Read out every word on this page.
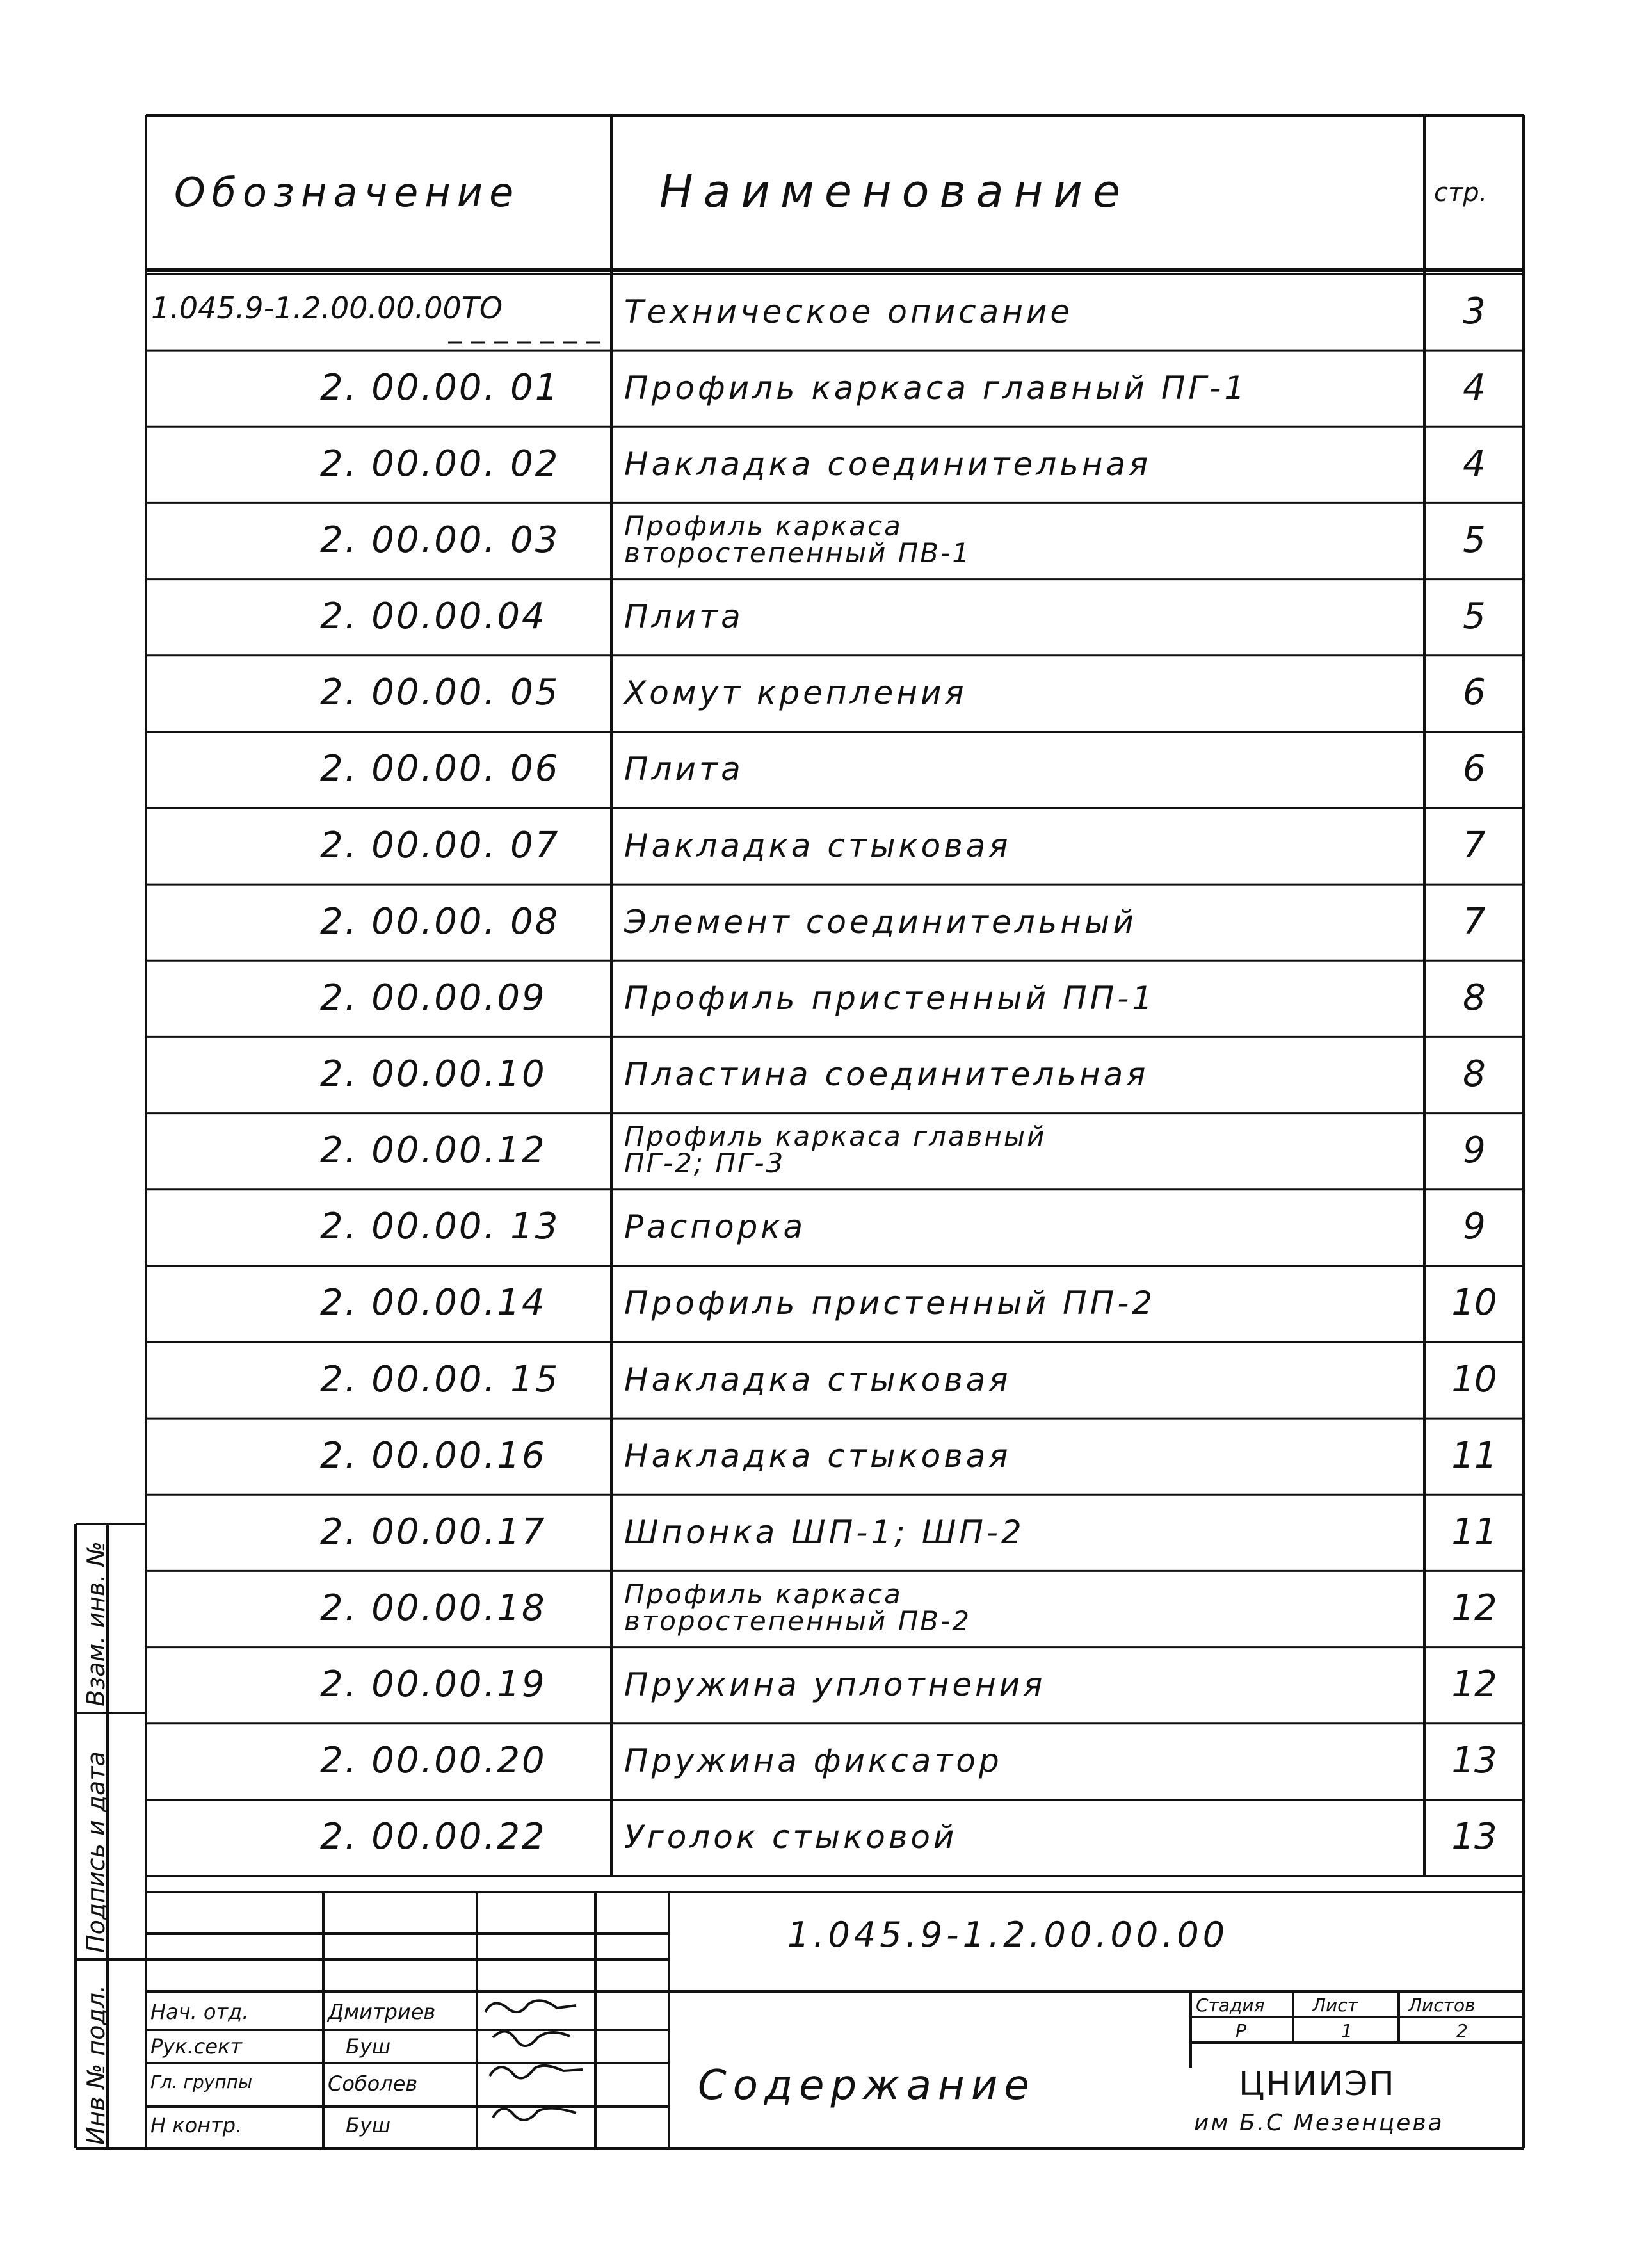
Обозначение	Наименование	стр.
1.045.9-1.2.00.00.00ТО	Техническое описание	3
2. 00.00. 01 Профиль каркаса главный ПГ-1	4
2. 00.00. 02 Накладка соединительная	4
2. 00.00. 03 Профиль каркаса второстепенный ПВ-1	5
2. 00.00.04 Плита	5
2. 00.00. 05 Хомут крепления	6
2. 00.00. 06 Плита	6
2. 00.00. 07 Накладка стыковая	7
2. 00.00. 08 Элемент соединительный	7
2. 00.00.09 Профиль пристенный ПП-1	8
2. 00.00.10 Пластина соединительная	8
2. 00.00.12	Профиль каркаса главный ПГ-2; ПГ-3	9
2. 00.00. 13 Распорка	9
2. 00.00.14 Профиль пристенный ПП-2	10
2. 00.00. 15 Накладка стыковая	10
2. 00.00.16 Накладка стыковая	11
2. 00.00.17 Шпонка ШП-1; ШП-2	11
2. 00.00.18	Профиль каркаса второстепенный ПВ-2	12
2. 00.00.19 Пружина уплотнения	12
2. 00.00.20 Пружина фиксатор	13
2. 00.00.22 Уголок стыковой	13
Инв № подл.
Подпись и дата
Взам. инв. №
1.045.9-1.2.00.00.00
Содержание
Нач. отд.	Дмитриев
Рук.сект	Буш
Гл. группы	Соболев
Н контр.	Буш
Стадия	Лист	Листов
Р	1	2
ЦНИИЭП
им Б.С Мезенцева
